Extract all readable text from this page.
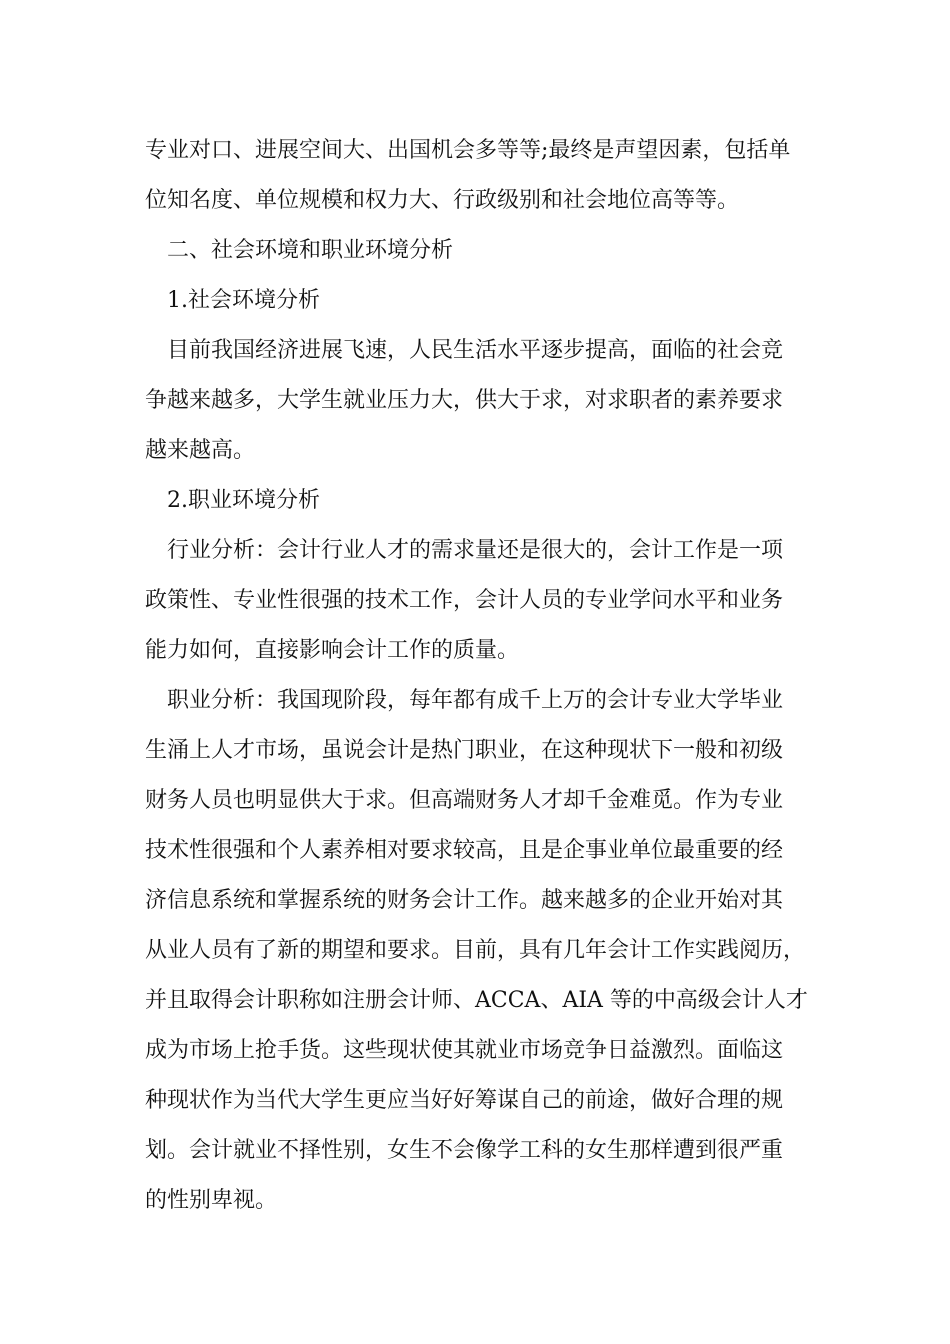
专业对口、进展空间大、出国机会多等等;最终是声望因素，包括单
位知名度、单位规模和权力大、行政级别和社会地位高等等。
二、社会环境和职业环境分析
1.社会环境分析
目前我国经济进展飞速，人民生活水平逐步提高，面临的社会竞
争越来越多，大学生就业压力大，供大于求，对求职者的素养要求
越来越高。
2.职业环境分析
行业分析：会计行业人才的需求量还是很大的，会计工作是一项
政策性、专业性很强的技术工作，会计人员的专业学问水平和业务
能力如何，直接影响会计工作的质量。
职业分析：我国现阶段，每年都有成千上万的会计专业大学毕业
生涌上人才市场，虽说会计是热门职业，在这种现状下一般和初级
财务人员也明显供大于求。但高端财务人才却千金难觅。作为专业
技术性很强和个人素养相对要求较高，且是企事业单位最重要的经
济信息系统和掌握系统的财务会计工作。越来越多的企业开始对其
从业人员有了新的期望和要求。目前，具有几年会计工作实践阅历，
并且取得会计职称如注册会计师、ACCA、AIA 等的中高级会计人才
成为市场上抢手货。这些现状使其就业市场竞争日益激烈。面临这
种现状作为当代大学生更应当好好筹谋自己的前途，做好合理的规
划。会计就业不择性别，女生不会像学工科的女生那样遭到很严重
的性别卑视。
